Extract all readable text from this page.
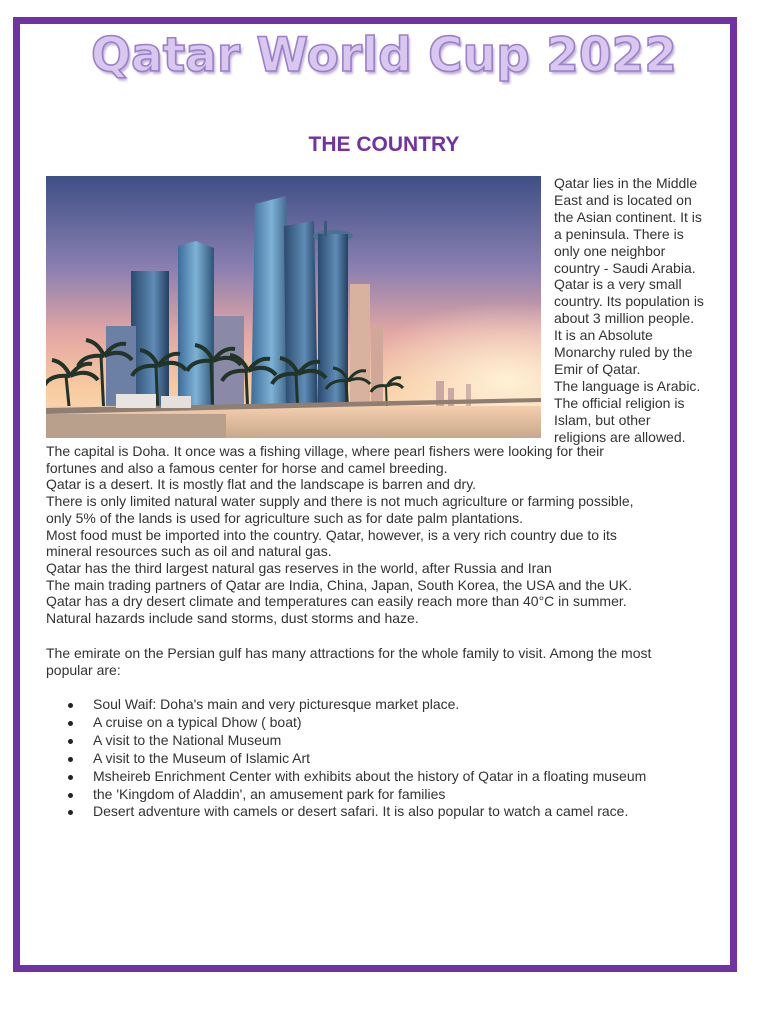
Qatar World Cup 2022
THE COUNTRY
Qatar lies in the Middle
East and is located on
the Asian continent. It is
a peninsula. There is
only one neighbor
country - Saudi Arabia.
Qatar is a very small
country. Its population is
about 3 million people.
It is an Absolute
Monarchy ruled by the
Emir of Qatar.
The language is Arabic.
The official religion is
Islam, but other
religions are allowed.
The capital is Doha. It once was a fishing village, where pearl fishers were looking for their
fortunes and also a famous center for horse and camel breeding.
Qatar is a desert. It is mostly flat and the landscape is barren and dry.
There is only limited natural water supply and there is not much agriculture or farming possible,
only 5% of the lands is used for agriculture such as for date palm plantations.
Most food must be imported into the country. Qatar, however, is a very rich country due to its
mineral resources such as oil and natural gas.
Qatar has the third largest natural gas reserves in the world, after Russia and Iran
The main trading partners of Qatar are India, China, Japan, South Korea, the USA and the UK.
Qatar has a dry desert climate and temperatures can easily reach more than 40°C in summer.
Natural hazards include sand storms, dust storms and haze.
The emirate on the Persian gulf has many attractions for the whole family to visit. Among the most
popular are:
Soul Waif: Doha's main and very picturesque market place.
A cruise on a typical Dhow ( boat)
A visit to the National Museum
A visit to the Museum of Islamic Art
Msheireb Enrichment Center with exhibits about the history of Qatar in a floating museum
the 'Kingdom of Aladdin', an amusement park for families
Desert adventure with camels or desert safari. It is also popular to watch a camel race.
